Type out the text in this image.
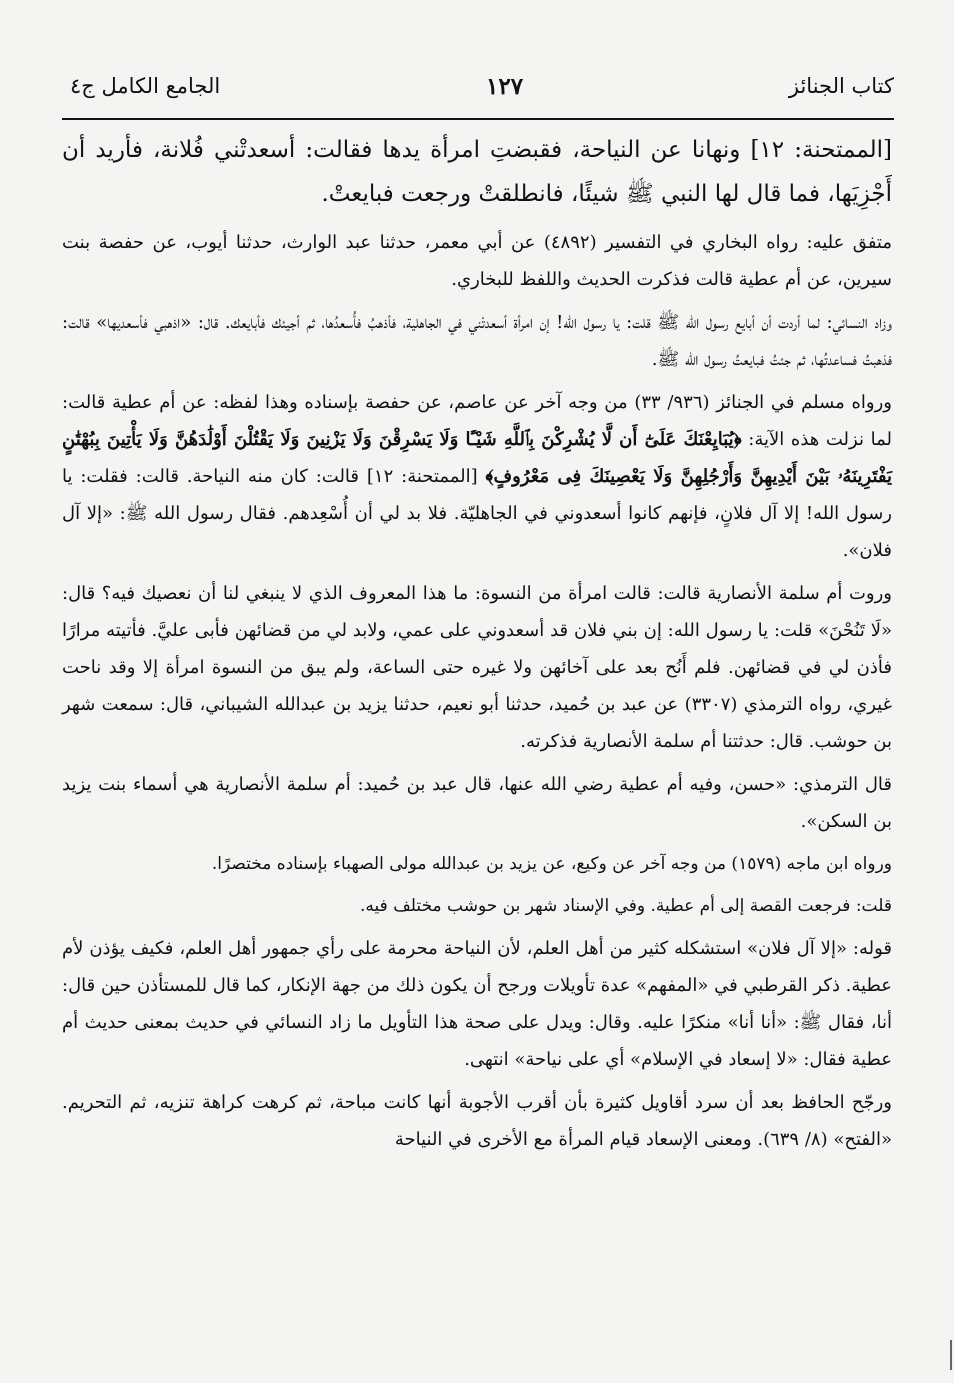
كتاب الجنائز
١٢٧
الجامع الكامل ج٤

[الممتحنة: ١٢] ونهانا عن النياحة، فقبضتِ امرأة يدها فقالت: أسعدتْني فُلانة، فأريد أن أَجْزِيَها، فما قال لها النبي ﷺ شيئًا، فانطلقتْ ورجعت فبايعتْ.

متفق عليه: رواه البخاري في التفسير (٤٨٩٢) عن أبي معمر، حدثنا عبد الوارث، حدثنا أيوب، عن حفصة بنت سيرين، عن أم عطية قالت فذكرت الحديث واللفظ للبخاري.

وزاد النسائي: لما أردت أن أبايع رسول الله ﷺ قلت: يا رسول الله! إن امرأة أسعدتْني في الجاهلية، فأذهبُ فأُسعدُها، ثم أجيئك فأبايعك. قال: «اذهبي فأسعديها» قالت: فذهبتُ فساعدتُها، ثم جئتُ فبايعتُ رسول الله ﷺ.

ورواه مسلم في الجنائز (٩٣٦/ ٣٣) من وجه آخر عن عاصم، عن حفصة بإسناده وهذا لفظه: عن أم عطية قالت: لما نزلت هذه الآية: ﴿يُبَايِعْنَكَ عَلَىٰٓ أَن لَّا يُشْرِكْنَ بِٱللَّهِ شَيْـًٔا وَلَا يَسْرِقْنَ وَلَا يَزْنِينَ وَلَا يَقْتُلْنَ أَوْلَٰدَهُنَّ وَلَا يَأْتِينَ بِبُهْتَٰنٍ يَفْتَرِينَهُۥ بَيْنَ أَيْدِيهِنَّ وَأَرْجُلِهِنَّ وَلَا يَعْصِينَكَ فِى مَعْرُوفٍ﴾ [الممتحنة: ١٢] قالت: كان منه النياحة. قالت: فقلت: يا رسول الله! إلا آل فلانٍ، فإنهم كانوا أسعدوني في الجاهليّة. فلا بد لي أن أُسْعِدهم. فقال رسول الله ﷺ: «إلا آل فلان».

وروت أم سلمة الأنصارية قالت: قالت امرأة من النسوة: ما هذا المعروف الذي لا ينبغي لنا أن نعصيك فيه؟ قال: «لَا تَنُحْنَ» قلت: يا رسول الله: إن بني فلان قد أسعدوني على عمي، ولابد لي من قضائهن فأبى عليَّ. فأتيته مرارًا فأذن لي في قضائهن. فلم أَنُح بعد على آخائهن ولا غيره حتى الساعة، ولم يبق من النسوة امرأة إلا وقد ناحت غيري، رواه الترمذي (٣٣٠٧) عن عبد بن حُميد، حدثنا أبو نعيم، حدثنا يزيد بن عبدالله الشيباني، قال: سمعت شهر بن حوشب. قال: حدثتنا أم سلمة الأنصارية فذكرته.

قال الترمذي: «حسن، وفيه أم عطية رضي الله عنها، قال عبد بن حُميد: أم سلمة الأنصارية هي أسماء بنت يزيد بن السكن».

ورواه ابن ماجه (١٥٧٩) من وجه آخر عن وكيع، عن يزيد بن عبدالله مولى الصهباء بإسناده مختصرًا.

قلت: فرجعت القصة إلى أم عطية. وفي الإسناد شهر بن حوشب مختلف فيه.

قوله: «إلا آل فلان» استشكله كثير من أهل العلم، لأن النياحة محرمة على رأي جمهور أهل العلم، فكيف يؤذن لأم عطية. ذكر القرطبي في «المفهم» عدة تأويلات ورجح أن يكون ذلك من جهة الإنكار، كما قال للمستأذن حين قال: أنا، فقال ﷺ: «أنا أنا» منكرًا عليه. وقال: ويدل على صحة هذا التأويل ما زاد النسائي في حديث بمعنى حديث أم عطية فقال: «لا إسعاد في الإسلام» أي على نياحة» انتهى.

ورجّح الحافظ بعد أن سرد أقاويل كثيرة بأن أقرب الأجوبة أنها كانت مباحة، ثم كرهت كراهة تنزيه، ثم التحريم. «الفتح» (٨/ ٦٣٩). ومعنى الإسعاد قيام المرأة مع الأخرى في النياحة
